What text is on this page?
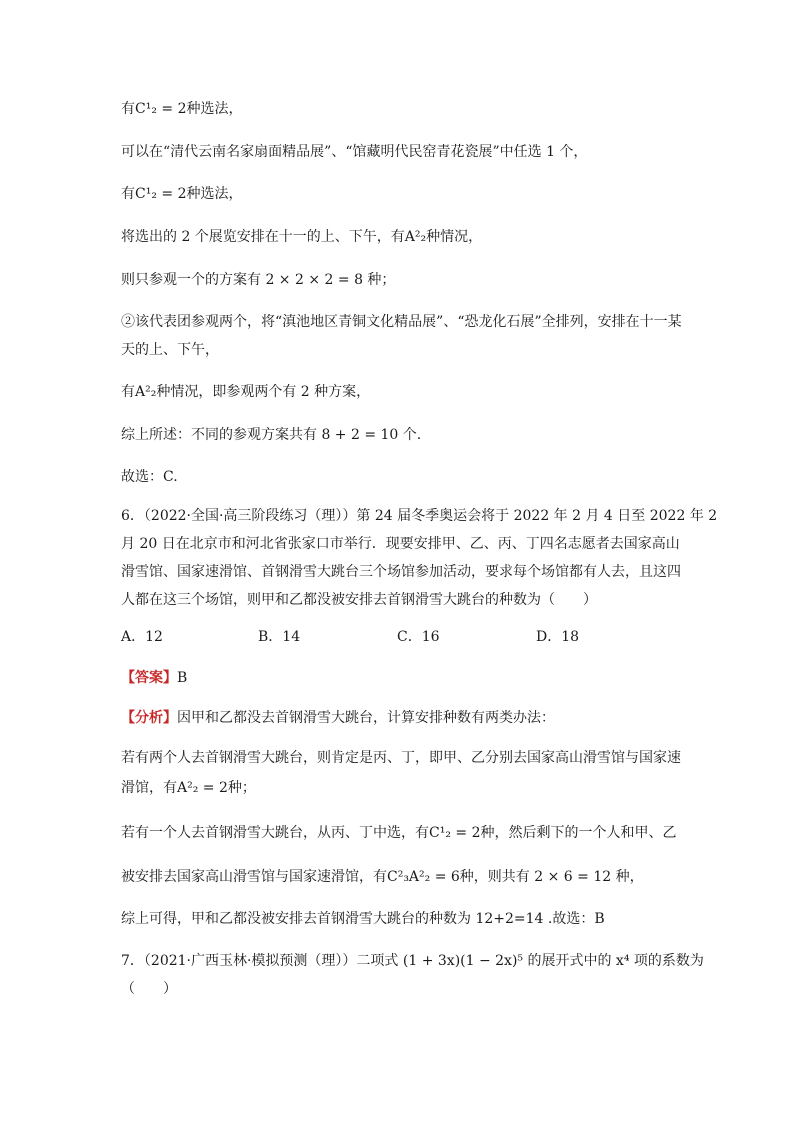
有C¹₂ = 2种选法，
可以在“清代云南名家扇面精品展”、“馆藏明代民窑青花瓷展”中任选 1 个，
有C¹₂ = 2种选法，
将选出的 2 个展览安排在十一的上、下午，有A²₂种情况，
则只参观一个的方案有 2 × 2 × 2 = 8 种；
②该代表团参观两个，将“滇池地区青铜文化精品展”、“恐龙化石展”全排列，安排在十一某
天的上、下午，
有A²₂种情况，即参观两个有 2 种方案，
综上所述：不同的参观方案共有 8 + 2 = 10 个.
故选：C.
6．（2022·全国·高三阶段练习（理））第 24 届冬季奥运会将于 2022 年 2 月 4 日至 2022 年 2
月 20 日在北京市和河北省张家口市举行．现要安排甲、乙、丙、丁四名志愿者去国家高山
滑雪馆、国家速滑馆、首钢滑雪大跳台三个场馆参加活动，要求每个场馆都有人去，且这四
人都在这三个场馆，则甲和乙都没被安排去首钢滑雪大跳台的种数为（　　）
A．12	B．14	C．16	D．18
【答案】B
【分析】因甲和乙都没去首钢滑雪大跳台，计算安排种数有两类办法：
若有两个人去首钢滑雪大跳台，则肯定是丙、丁，即甲、乙分别去国家高山滑雪馆与国家速
滑馆，有A²₂ = 2种；
若有一个人去首钢滑雪大跳台，从丙、丁中选，有C¹₂ = 2种，然后剩下的一个人和甲、乙
被安排去国家高山滑雪馆与国家速滑馆，有C²₃A²₂ = 6种，则共有 2 × 6 = 12 种，
综上可得，甲和乙都没被安排去首钢滑雪大跳台的种数为 12+2=14 .故选：B
7．（2021·广西玉林·模拟预测（理））二项式 (1 + 3x)(1 − 2x)⁵ 的展开式中的 x⁴ 项的系数为
（　　）
